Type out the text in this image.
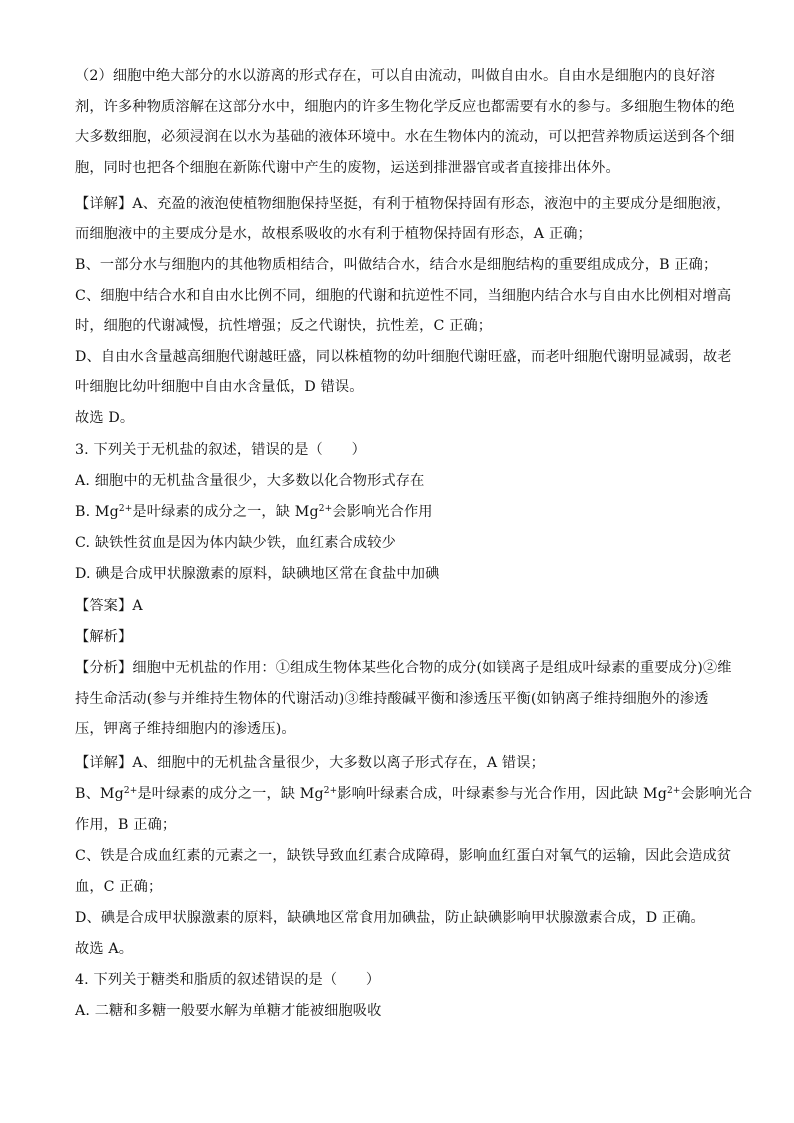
（2）细胞中绝大部分的水以游离的形式存在，可以自由流动，叫做自由水。自由水是细胞内的良好溶
剂，许多种物质溶解在这部分水中，细胞内的许多生物化学反应也都需要有水的参与。多细胞生物体的绝
大多数细胞，必须浸润在以水为基础的液体环境中。水在生物体内的流动，可以把营养物质运送到各个细
胞，同时也把各个细胞在新陈代谢中产生的废物，运送到排泄器官或者直接排出体外。
【详解】A、充盈的液泡使植物细胞保持坚挺，有利于植物保持固有形态，液泡中的主要成分是细胞液，
而细胞液中的主要成分是水，故根系吸收的水有利于植物保持固有形态，A 正确；
B、一部分水与细胞内的其他物质相结合，叫做结合水，结合水是细胞结构的重要组成成分，B 正确；
C、细胞中结合水和自由水比例不同，细胞的代谢和抗逆性不同，当细胞内结合水与自由水比例相对增高
时，细胞的代谢减慢，抗性增强；反之代谢快，抗性差，C 正确；
D、自由水含量越高细胞代谢越旺盛，同以株植物的幼叶细胞代谢旺盛，而老叶细胞代谢明显减弱，故老
叶细胞比幼叶细胞中自由水含量低，D 错误。
故选 D。
3. 下列关于无机盐的叙述，错误的是（　　）
A. 细胞中的无机盐含量很少，大多数以化合物形式存在
B. $Mg^{2+}$是叶绿素的成分之一，缺 $Mg^{2+}$会影响光合作用
C. 缺铁性贫血是因为体内缺少铁，血红素合成较少
D. 碘是合成甲状腺激素的原料，缺碘地区常在食盐中加碘
【答案】A
【解析】
【分析】细胞中无机盐的作用：①组成生物体某些化合物的成分(如镁离子是组成叶绿素的重要成分)②维
持生命活动(参与并维持生物体的代谢活动)③维持酸碱平衡和渗透压平衡(如钠离子维持细胞外的渗透
压，钾离子维持细胞内的渗透压)。
【详解】A、细胞中的无机盐含量很少，大多数以离子形式存在，A 错误；
B、$Mg^{2+}$是叶绿素的成分之一，缺 $Mg^{2+}$影响叶绿素合成，叶绿素参与光合作用，因此缺 $Mg^{2+}$会影响光合
作用，B 正确；
C、铁是合成血红素的元素之一，缺铁导致血红素合成障碍，影响血红蛋白对氧气的运输，因此会造成贫
血，C 正确；
D、碘是合成甲状腺激素的原料，缺碘地区常食用加碘盐，防止缺碘影响甲状腺激素合成，D 正确。
故选 A。
4. 下列关于糖类和脂质的叙述错误的是（　　）
A. 二糖和多糖一般要水解为单糖才能被细胞吸收
